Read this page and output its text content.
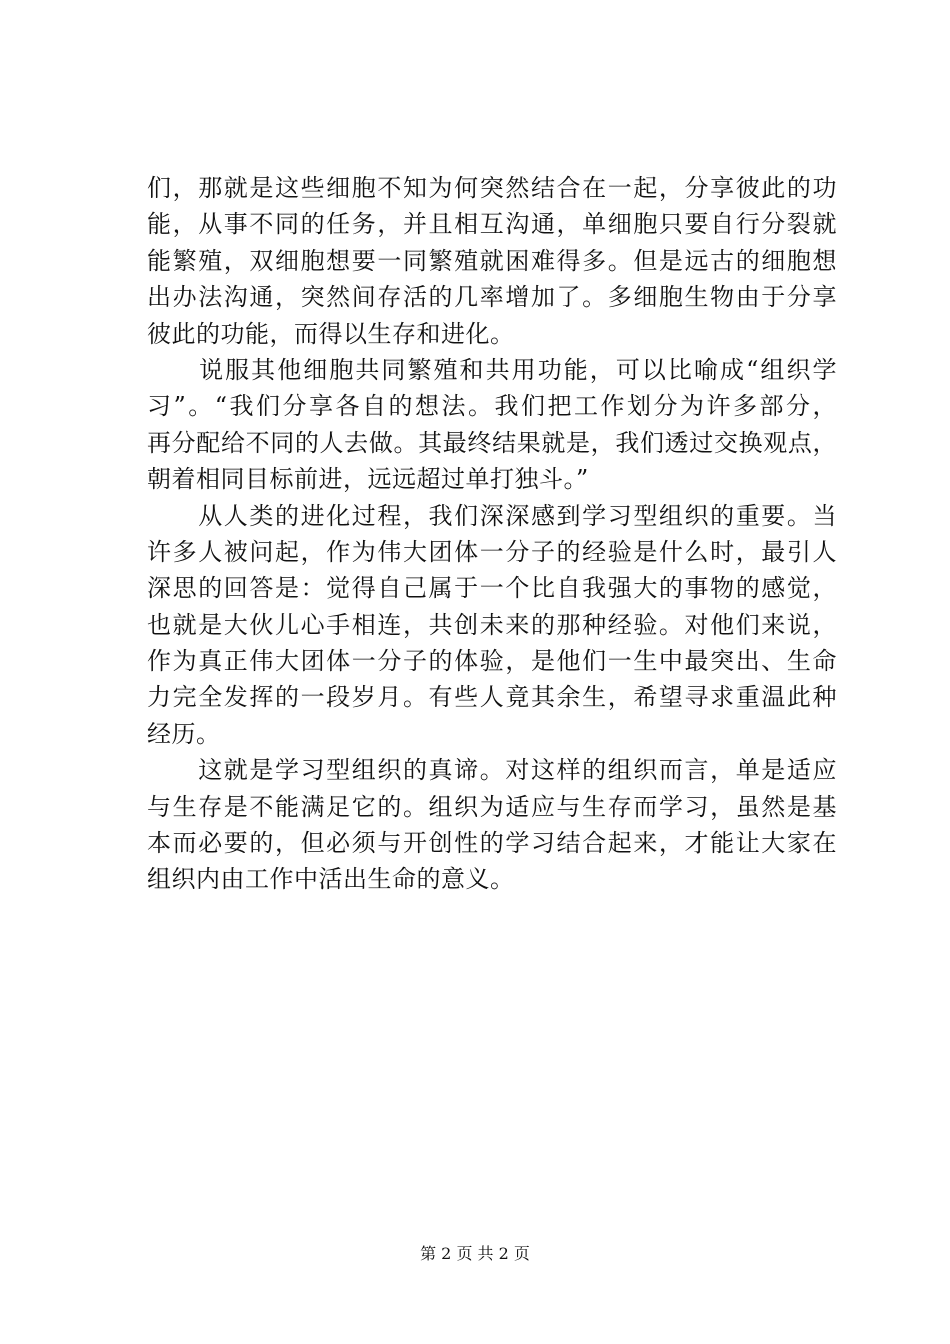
们，那就是这些细胞不知为何突然结合在一起，分享彼此的功
能，从事不同的任务，并且相互沟通，单细胞只要自行分裂就
能繁殖，双细胞想要一同繁殖就困难得多。但是远古的细胞想
出办法沟通，突然间存活的几率增加了。多细胞生物由于分享
彼此的功能，而得以生存和进化。
　　说服其他细胞共同繁殖和共用功能，可以比喻成“组织学
习”。“我们分享各自的想法。我们把工作划分为许多部分，
再分配给不同的人去做。其最终结果就是，我们透过交换观点，
朝着相同目标前进，远远超过单打独斗。”
　　从人类的进化过程，我们深深感到学习型组织的重要。当
许多人被问起，作为伟大团体一分子的经验是什么时，最引人
深思的回答是：觉得自己属于一个比自我强大的事物的感觉，
也就是大伙儿心手相连，共创未来的那种经验。对他们来说，
作为真正伟大团体一分子的体验，是他们一生中最突出、生命
力完全发挥的一段岁月。有些人竟其余生，希望寻求重温此种
经历。
　　这就是学习型组织的真谛。对这样的组织而言，单是适应
与生存是不能满足它的。组织为适应与生存而学习，虽然是基
本而必要的，但必须与开创性的学习结合起来，才能让大家在
组织内由工作中活出生命的意义。
第 2 页 共 2 页
